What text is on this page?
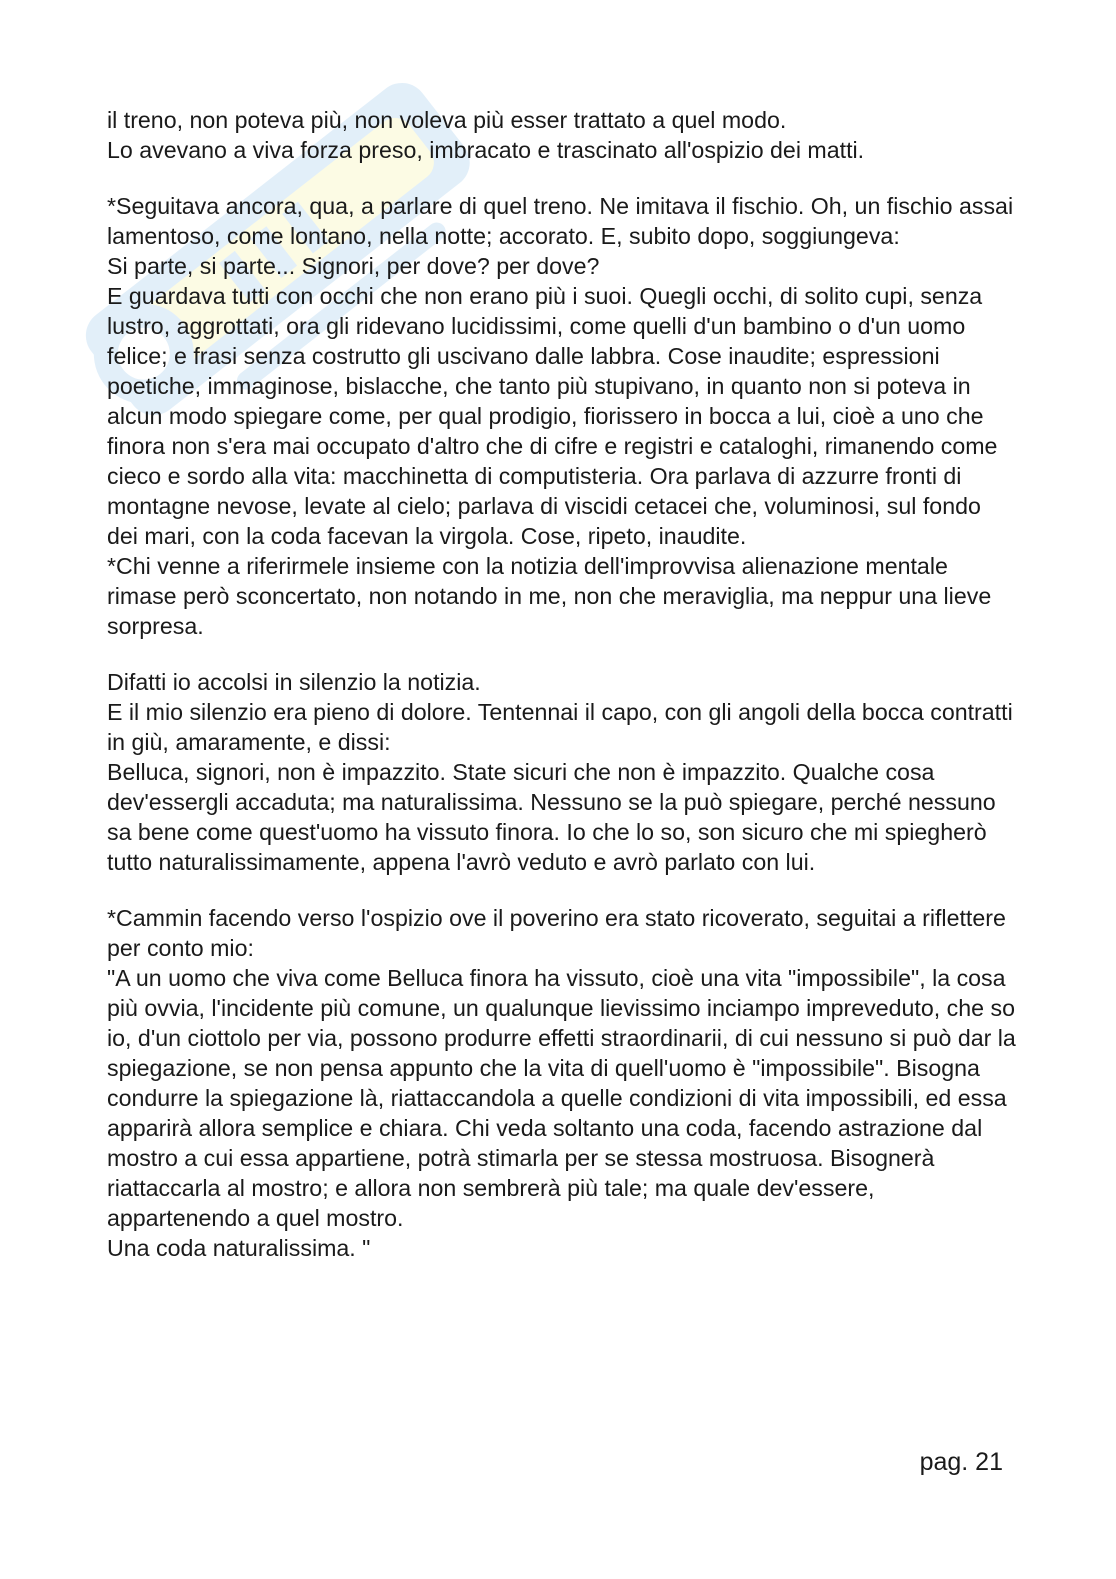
il treno, non poteva più, non voleva più esser trattato a quel modo.

Lo avevano a viva forza preso, imbracato e trascinato all'ospizio dei matti.

*Seguitava ancora, qua, a parlare di quel treno. Ne imitava il fischio. Oh, un fischio assai lamentoso, come lontano, nella notte; accorato. E, subito dopo, soggiungeva:

Si parte, si parte... Signori, per dove? per dove?

E guardava tutti con occhi che non erano più i suoi. Quegli occhi, di solito cupi, senza lustro, aggrottati, ora gli ridevano lucidissimi, come quelli d'un bambino o d'un uomo felice; e frasi senza costrutto gli uscivano dalle labbra. Cose inaudite; espressioni poetiche, immaginose, bislacche, che tanto più stupivano, in quanto non si poteva in alcun modo spiegare come, per qual prodigio, fiorissero in bocca a lui, cioè a uno che finora non s'era mai occupato d'altro che di cifre e registri e cataloghi, rimanendo come cieco e sordo alla vita: macchinetta di computisteria. Ora parlava di azzurre fronti di montagne nevose, levate al cielo; parlava di viscidi cetacei che, voluminosi, sul fondo dei mari, con la coda facevan la virgola. Cose, ripeto, inaudite.

*Chi venne a riferirmele insieme con la notizia dell'improvvisa alienazione mentale rimase però sconcertato, non notando in me, non che meraviglia, ma neppur una lieve sorpresa.

Difatti io accolsi in silenzio la notizia.

E il mio silenzio era pieno di dolore. Tentennai il capo, con gli angoli della bocca contratti in giù, amaramente, e dissi:

Belluca, signori, non è impazzito. State sicuri che non è impazzito. Qualche cosa dev'essergli accaduta; ma naturalissima. Nessuno se la può spiegare, perché nessuno sa bene come quest'uomo ha vissuto finora. Io che lo so, son sicuro che mi spiegherò tutto naturalissimamente, appena l'avrò veduto e avrò parlato con lui.

*Cammin facendo verso l'ospizio ove il poverino era stato ricoverato, seguitai a riflettere per conto mio:

"A un uomo che viva come Belluca finora ha vissuto, cioè una vita "impossibile", la cosa più ovvia, l'incidente più comune, un qualunque lievissimo inciampo impreveduto, che so io, d'un ciottolo per via, possono produrre effetti straordinarii, di cui nessuno si può dar la spiegazione, se non pensa appunto che la vita di quell'uomo è "impossibile". Bisogna condurre la spiegazione là, riattaccandola a quelle condizioni di vita impossibili, ed essa apparirà allora semplice e chiara. Chi veda soltanto una coda, facendo astrazione dal mostro a cui essa appartiene, potrà stimarla per se stessa mostruosa. Bisognerà riattaccarla al mostro; e allora non sembrerà più tale; ma quale dev'essere, appartenendo a quel mostro.

Una coda naturalissima. "

pag. 21
